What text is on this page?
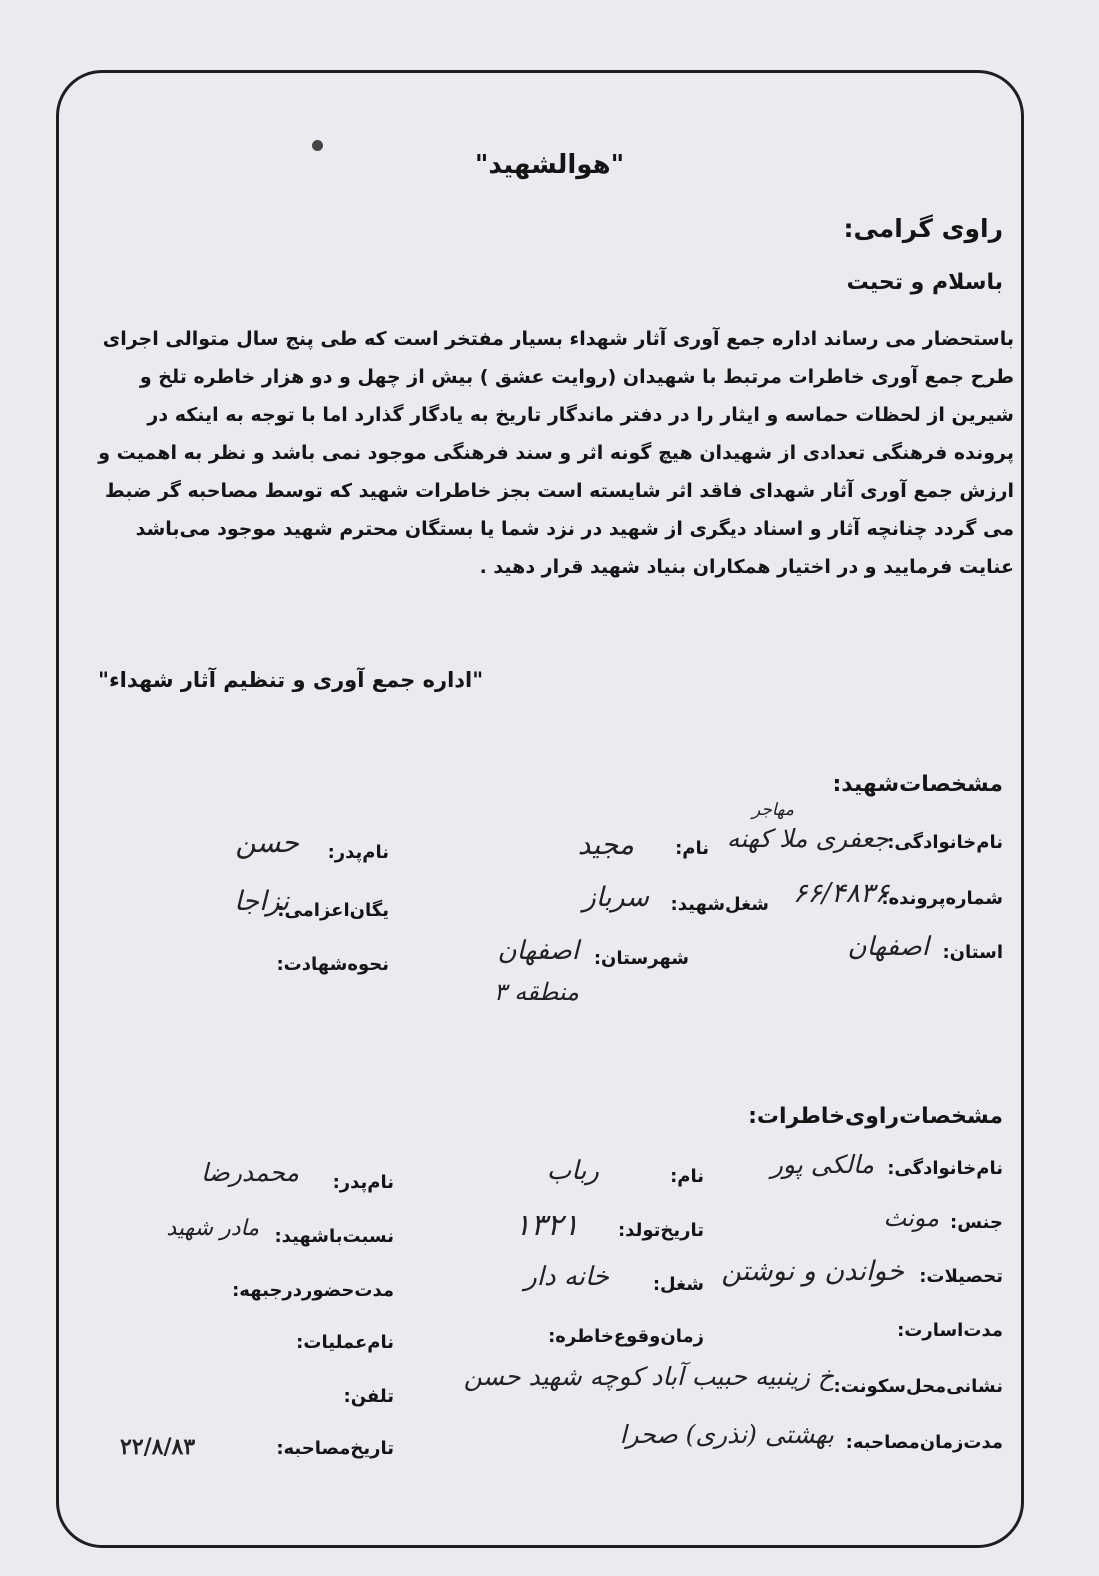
"هوالشهید"
راوی گرامی:
باسلام و تحیت
باستحضار می رساند اداره جمع آوری آثار شهداء بسیار مفتخر است که طی پنج سال متوالی اجرای
طرح جمع آوری خاطرات مرتبط با شهیدان (روایت عشق ) بیش از چهل و دو هزار خاطره تلخ و
شیرین از لحظات حماسه و ایثار را در دفتر ماندگار تاریخ به یادگار گذارد اما با توجه به اینکه در
پرونده فرهنگی تعدادی از شهیدان هیچ گونه اثر و سند فرهنگی موجود نمی باشد و نظر به اهمیت و
ارزش جمع آوری آثار شهدای فاقد اثر شایسته است بجز خاطرات شهید که توسط مصاحبه گر ضبط
می گردد چنانچه آثار و اسناد دیگری از شهید در نزد شما یا بستگان محترم شهید موجود می‌باشد
عنایت فرمایید و در اختیار همکاران بنیاد شهید قرار دهید .
"اداره جمع آوری و تنظیم آثار شهداء"
مشخصات‌شهید:
نام‌خانوادگی:
جعفری ملا کهنه
مهاجر
نام:
مجید
نام‌پدر:
حسن
شماره‌پرونده:
۶۶/۴۸۳۶
شغل‌شهید:
سرباز
یگان‌اعزامی:
نزاجا
استان:
اصفهان
شهرستان:
اصفهان
منطقه ۳
نحوه‌شهادت:
مشخصات‌راوی‌خاطرات:
نام‌خانوادگی:
مالکی پور
نام:
رباب
نام‌پدر:
محمدرضا
جنس:
مونث
تاریخ‌تولد:
۱۳۲۱
نسبت‌باشهید:
مادر شهید
تحصیلات:
خواندن و نوشتن
شغل:
خانه دار
مدت‌حضوردرجبهه:
مدت‌اسارت:
زمان‌وقوع‌خاطره:
نام‌عملیات:
نشانی‌محل‌سکونت:
خ زینبیه حبیب آباد کوچه شهید حسن
تلفن:
مدت‌زمان‌مصاحبه:
بهشتی (نذری) صحرا
تاریخ‌مصاحبه:
۲۲/۸/۸۳
